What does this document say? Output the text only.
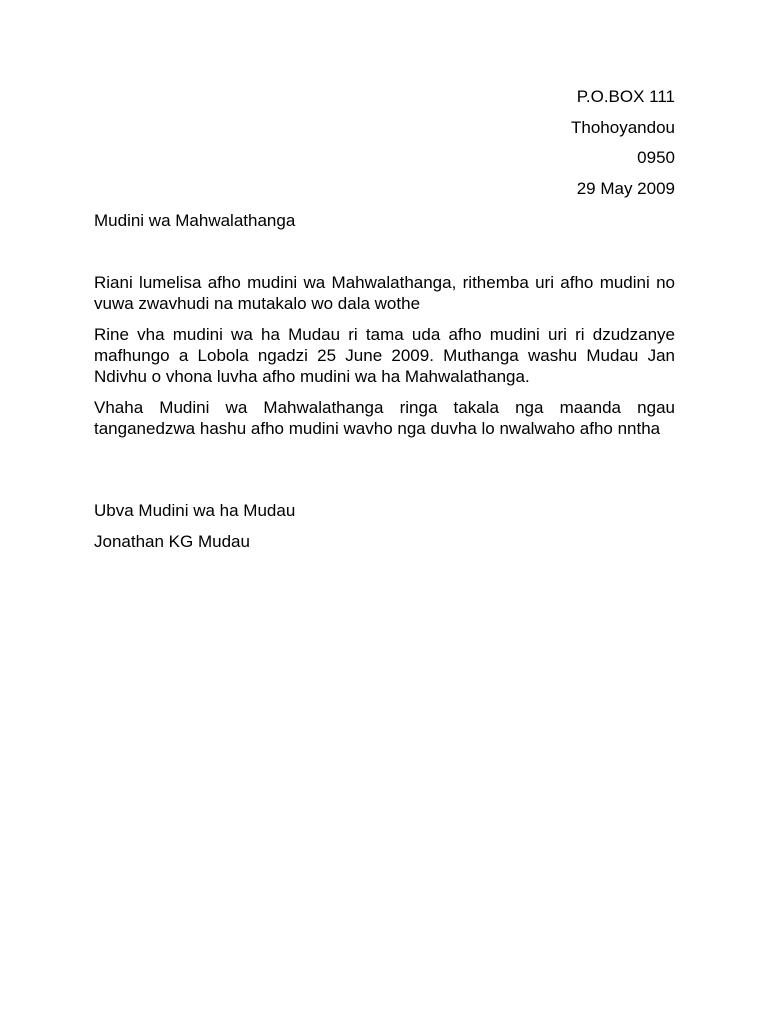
P.O.BOX 111
Thohoyandou
0950
29 May 2009
Mudini wa Mahwalathanga

Riani lumelisa afho mudini wa Mahwalathanga, rithemba uri afho mudini no vuwa zwavhudi na mutakalo wo dala wothe

Rine vha mudini wa ha Mudau ri tama uda afho mudini uri ri dzudzanye mafhungo a Lobola ngadzi 25 June 2009. Muthanga washu Mudau Jan Ndivhu o vhona luvha afho mudini wa ha Mahwalathanga.

Vhaha Mudini wa Mahwalathanga ringa takala nga maanda ngau tanganedzwa hashu afho mudini wavho nga duvha lo nwalwaho afho nntha

Ubva Mudini wa ha Mudau
Jonathan KG Mudau
